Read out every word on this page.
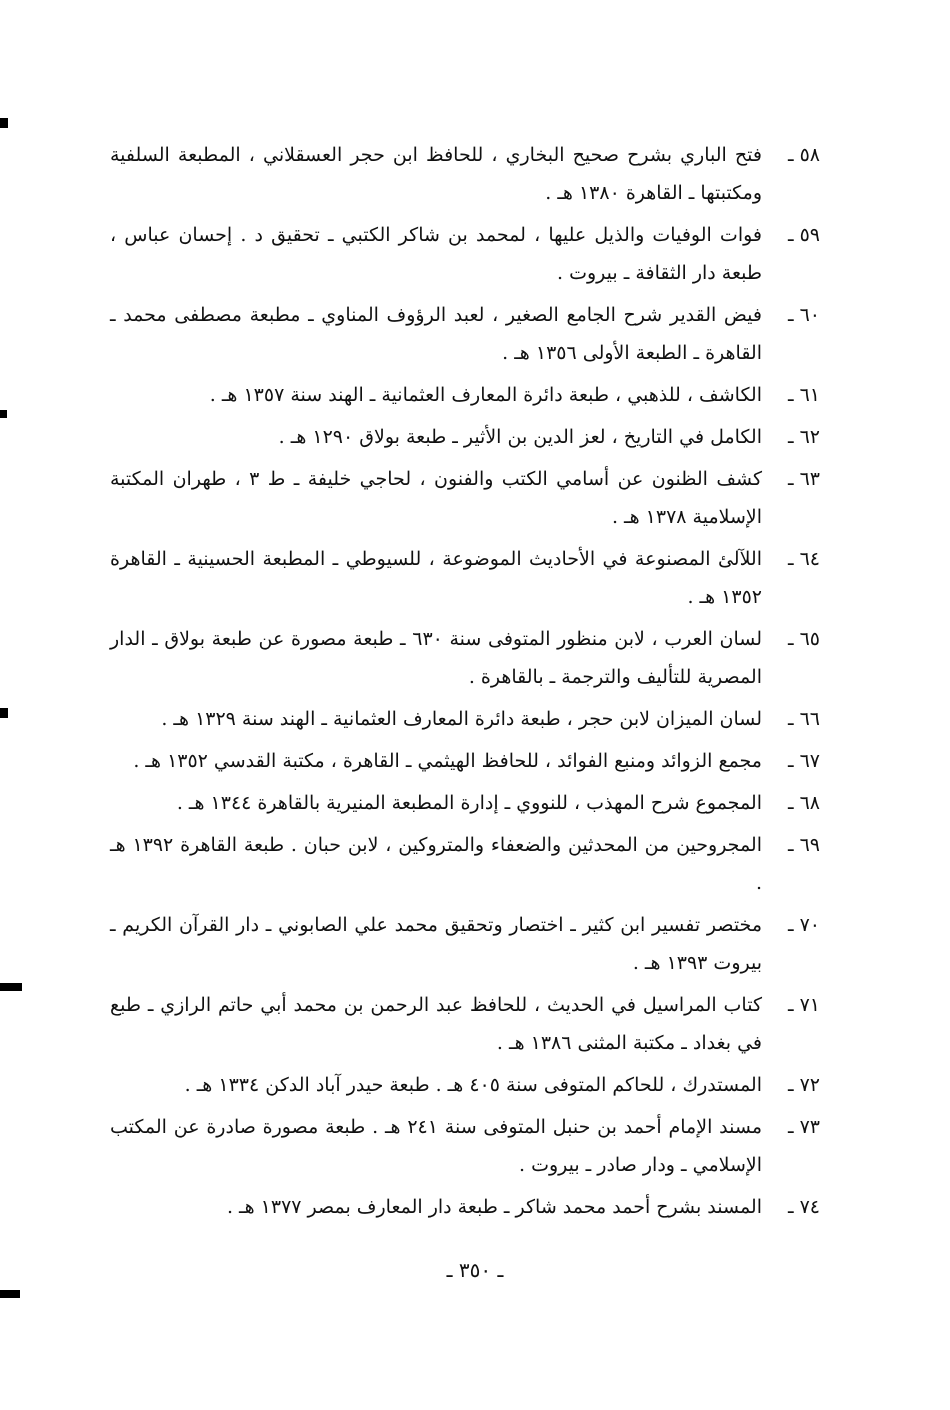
٥٨ ـ
فتح الباري بشرح صحيح البخاري ، للحافظ ابن حجر العسقلاني ، المطبعة السلفية ومكتبتها ـ القاهرة ١٣٨٠ هـ .
٥٩ ـ
فوات الوفيات والذيل عليها ، لمحمد بن شاكر الكتبي ـ تحقيق د . إحسان عباس ، طبعة دار الثقافة ـ بيروت .
٦٠ ـ
فيض القدير شرح الجامع الصغير ، لعبد الرؤوف المناوي ـ مطبعة مصطفى محمد ـ القاهرة ـ الطبعة الأولى ١٣٥٦ هـ .
٦١ ـ
الكاشف ، للذهبي ، طبعة دائرة المعارف العثمانية ـ الهند سنة ١٣٥٧ هـ .
٦٢ ـ
الكامل في التاريخ ، لعز الدين بن الأثير ـ طبعة بولاق ١٢٩٠ هـ .
٦٣ ـ
كشف الظنون عن أسامي الكتب والفنون ، لحاجي خليفة ـ ط ٣ ، طهران المكتبة الإسلامية ١٣٧٨ هـ .
٦٤ ـ
اللآلئ المصنوعة في الأحاديث الموضوعة ، للسيوطي ـ المطبعة الحسينية ـ القاهرة ١٣٥٢ هـ .
٦٥ ـ
لسان العرب ، لابن منظور المتوفى سنة ٦٣٠ ـ طبعة مصورة عن طبعة بولاق ـ الدار المصرية للتأليف والترجمة ـ بالقاهرة .
٦٦ ـ
لسان الميزان لابن حجر ، طبعة دائرة المعارف العثمانية ـ الهند سنة ١٣٢٩ هـ .
٦٧ ـ
مجمع الزوائد ومنبع الفوائد ، للحافظ الهيثمي ـ القاهرة ، مكتبة القدسي ١٣٥٢ هـ .
٦٨ ـ
المجموع شرح المهذب ، للنووي ـ إدارة المطبعة المنيرية بالقاهرة ١٣٤٤ هـ .
٦٩ ـ
المجروحين من المحدثين والضعفاء والمتروكين ، لابن حبان . طبعة القاهرة ١٣٩٢ هـ .
٧٠ ـ
مختصر تفسير ابن كثير ـ اختصار وتحقيق محمد علي الصابوني ـ دار القرآن الكريم ـ بيروت ١٣٩٣ هـ .
٧١ ـ
كتاب المراسيل في الحديث ، للحافظ عبد الرحمن بن محمد أبي حاتم الرازي ـ طبع في بغداد ـ مكتبة المثنى ١٣٨٦ هـ .
٧٢ ـ
المستدرك ، للحاكم المتوفى سنة ٤٠٥ هـ . طبعة حيدر آباد الدكن ١٣٣٤ هـ .
٧٣ ـ
مسند الإمام أحمد بن حنبل المتوفى سنة ٢٤١ هـ . طبعة مصورة صادرة عن المكتب الإسلامي ـ ودار صادر ـ بيروت .
٧٤ ـ
المسند بشرح أحمد محمد شاكر ـ طبعة دار المعارف بمصر ١٣٧٧ هـ .
ـ ٣٥٠ ـ
